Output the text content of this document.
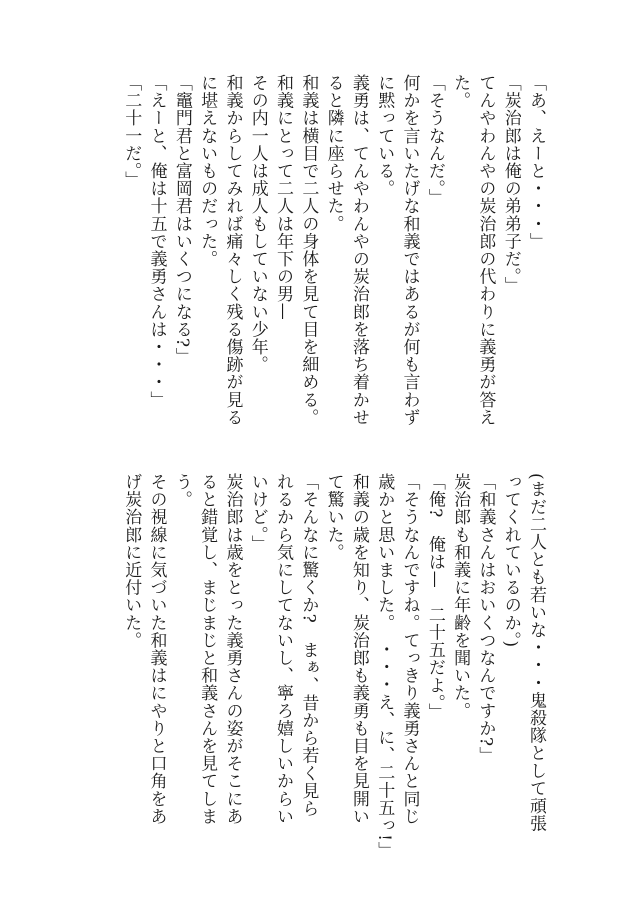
「あ、えーと・・・」
「炭治郎は俺の弟弟子だ。」
てんやわんやの炭治郎の代わりに義勇が答え
た。
「そうなんだ。」
何かを言いたげな和義ではあるが何も言わず
に黙っている。
義勇は、てんやわんやの炭治郎を落ち着かせ
ると隣に座らせた。
和義は横目で二人の身体を見て目を細める。
和義にとって二人は年下の男—
その内一人は成人もしていない少年。
和義からしてみれば痛々しく残る傷跡が見る
に堪えないものだった。
「竈門君と富岡君はいくつになる?」
「えーと、俺は十五で義勇さんは・・・」
「二十一だ。」
(まだ二人とも若いな・・・鬼殺隊として頑張
ってくれているのか。)
「和義さんはおいくつなんですか?」
炭治郎も和義に年齢を聞いた。
「俺?　俺は—　二十五だよ。」
「そうなんですね。てっきり義勇さんと同じ
歳かと思いました。　・・・え、に、二十五っ!」
和義の歳を知り、炭治郎も義勇も目を見開い
て驚いた。
「そんなに驚くか?　まぁ、昔から若く見ら
れるから気にしてないし、寧ろ嬉しいからい
いけど。」
炭治郎は歳をとった義勇さんの姿がそこにあ
ると錯覚し、まじまじと和義さんを見てしま
う。
その視線に気づいた和義はにやりと口角をあ
げ炭治郎に近付いた。
